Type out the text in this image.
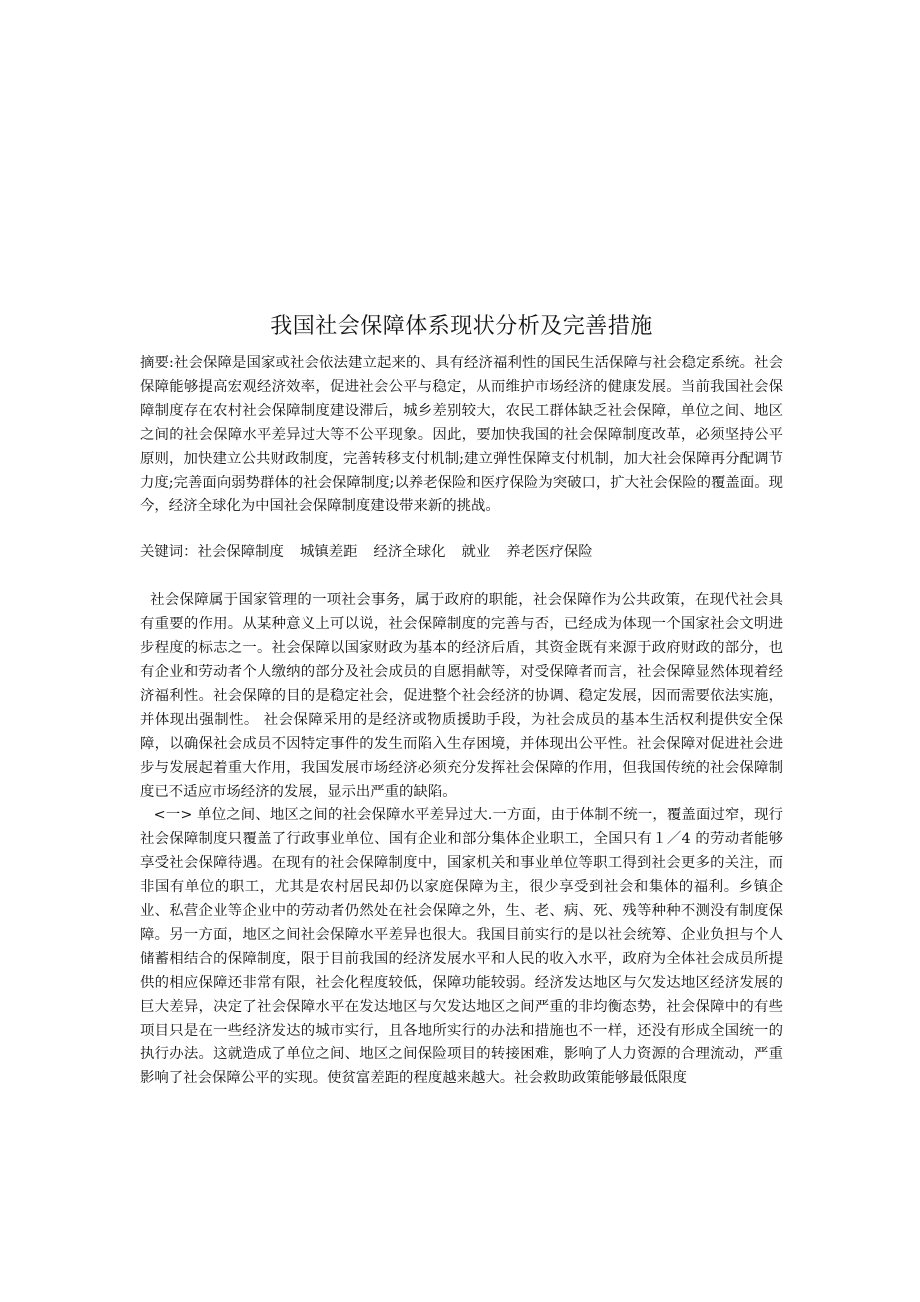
我国社会保障体系现状分析及完善措施

摘要:社会保障是国家或社会依法建立起来的、具有经济福利性的国民生活保障与社会稳定系统。社会保障能够提高宏观经济效率，促进社会公平与稳定，从而维护市场经济的健康发展。当前我国社会保障制度存在农村社会保障制度建设滞后，城乡差别较大，农民工群体缺乏社会保障，单位之间、地区之间的社会保障水平差异过大等不公平现象。因此，要加快我国的社会保障制度改革，必须坚持公平原则，加快建立公共财政制度，完善转移支付机制;建立弹性保障支付机制，加大社会保障再分配调节力度;完善面向弱势群体的社会保障制度;以养老保险和医疗保险为突破口，扩大社会保险的覆盖面。现今，经济全球化为中国社会保障制度建设带来新的挑战。

关键词：社会保障制度 城镇差距 经济全球化 就业 养老医疗保险

社会保障属于国家管理的一项社会事务，属于政府的职能，社会保障作为公共政策，在现代社会具有重要的作用。从某种意义上可以说，社会保障制度的完善与否，已经成为体现一个国家社会文明进步程度的标志之一。社会保障以国家财政为基本的经济后盾，其资金既有来源于政府财政的部分，也有企业和劳动者个人缴纳的部分及社会成员的自愿捐献等，对受保障者而言，社会保障显然体现着经济福利性。社会保障的目的是稳定社会，促进整个社会经济的协调、稳定发展，因而需要依法实施，并体现出强制性。 社会保障采用的是经济或物质援助手段，为社会成员的基本生活权利提供安全保障，以确保社会成员不因特定事件的发生而陷入生存困境，并体现出公平性。社会保障对促进社会进步与发展起着重大作用，我国发展市场经济必须充分发挥社会保障的作用，但我国传统的社会保障制度已不适应市场经济的发展，显示出严重的缺陷。

<一> 单位之间、地区之间的社会保障水平差异过大.一方面，由于体制不统一，覆盖面过窄，现行社会保障制度只覆盖了行政事业单位、国有企业和部分集体企业职工，全国只有１／4 的劳动者能够享受社会保障待遇。在现有的社会保障制度中，国家机关和事业单位等职工得到社会更多的关注，而非国有单位的职工，尤其是农村居民却仍以家庭保障为主，很少享受到社会和集体的福利。乡镇企业、私营企业等企业中的劳动者仍然处在社会保障之外，生、老、病、死、残等种种不测没有制度保障。另一方面，地区之间社会保障水平差异也很大。我国目前实行的是以社会统筹、企业负担与个人储蓄相结合的保障制度，限于目前我国的经济发展水平和人民的收入水平，政府为全体社会成员所提供的相应保障还非常有限，社会化程度较低，保障功能较弱。经济发达地区与欠发达地区经济发展的巨大差异，决定了社会保障水平在发达地区与欠发达地区之间严重的非均衡态势，社会保障中的有些项目只是在一些经济发达的城市实行，且各地所实行的办法和措施也不一样，还没有形成全国统一的执行办法。这就造成了单位之间、地区之间保险项目的转接困难，影响了人力资源的合理流动，严重影响了社会保障公平的实现。使贫富差距的程度越来越大。社会救助政策能够最低限度
